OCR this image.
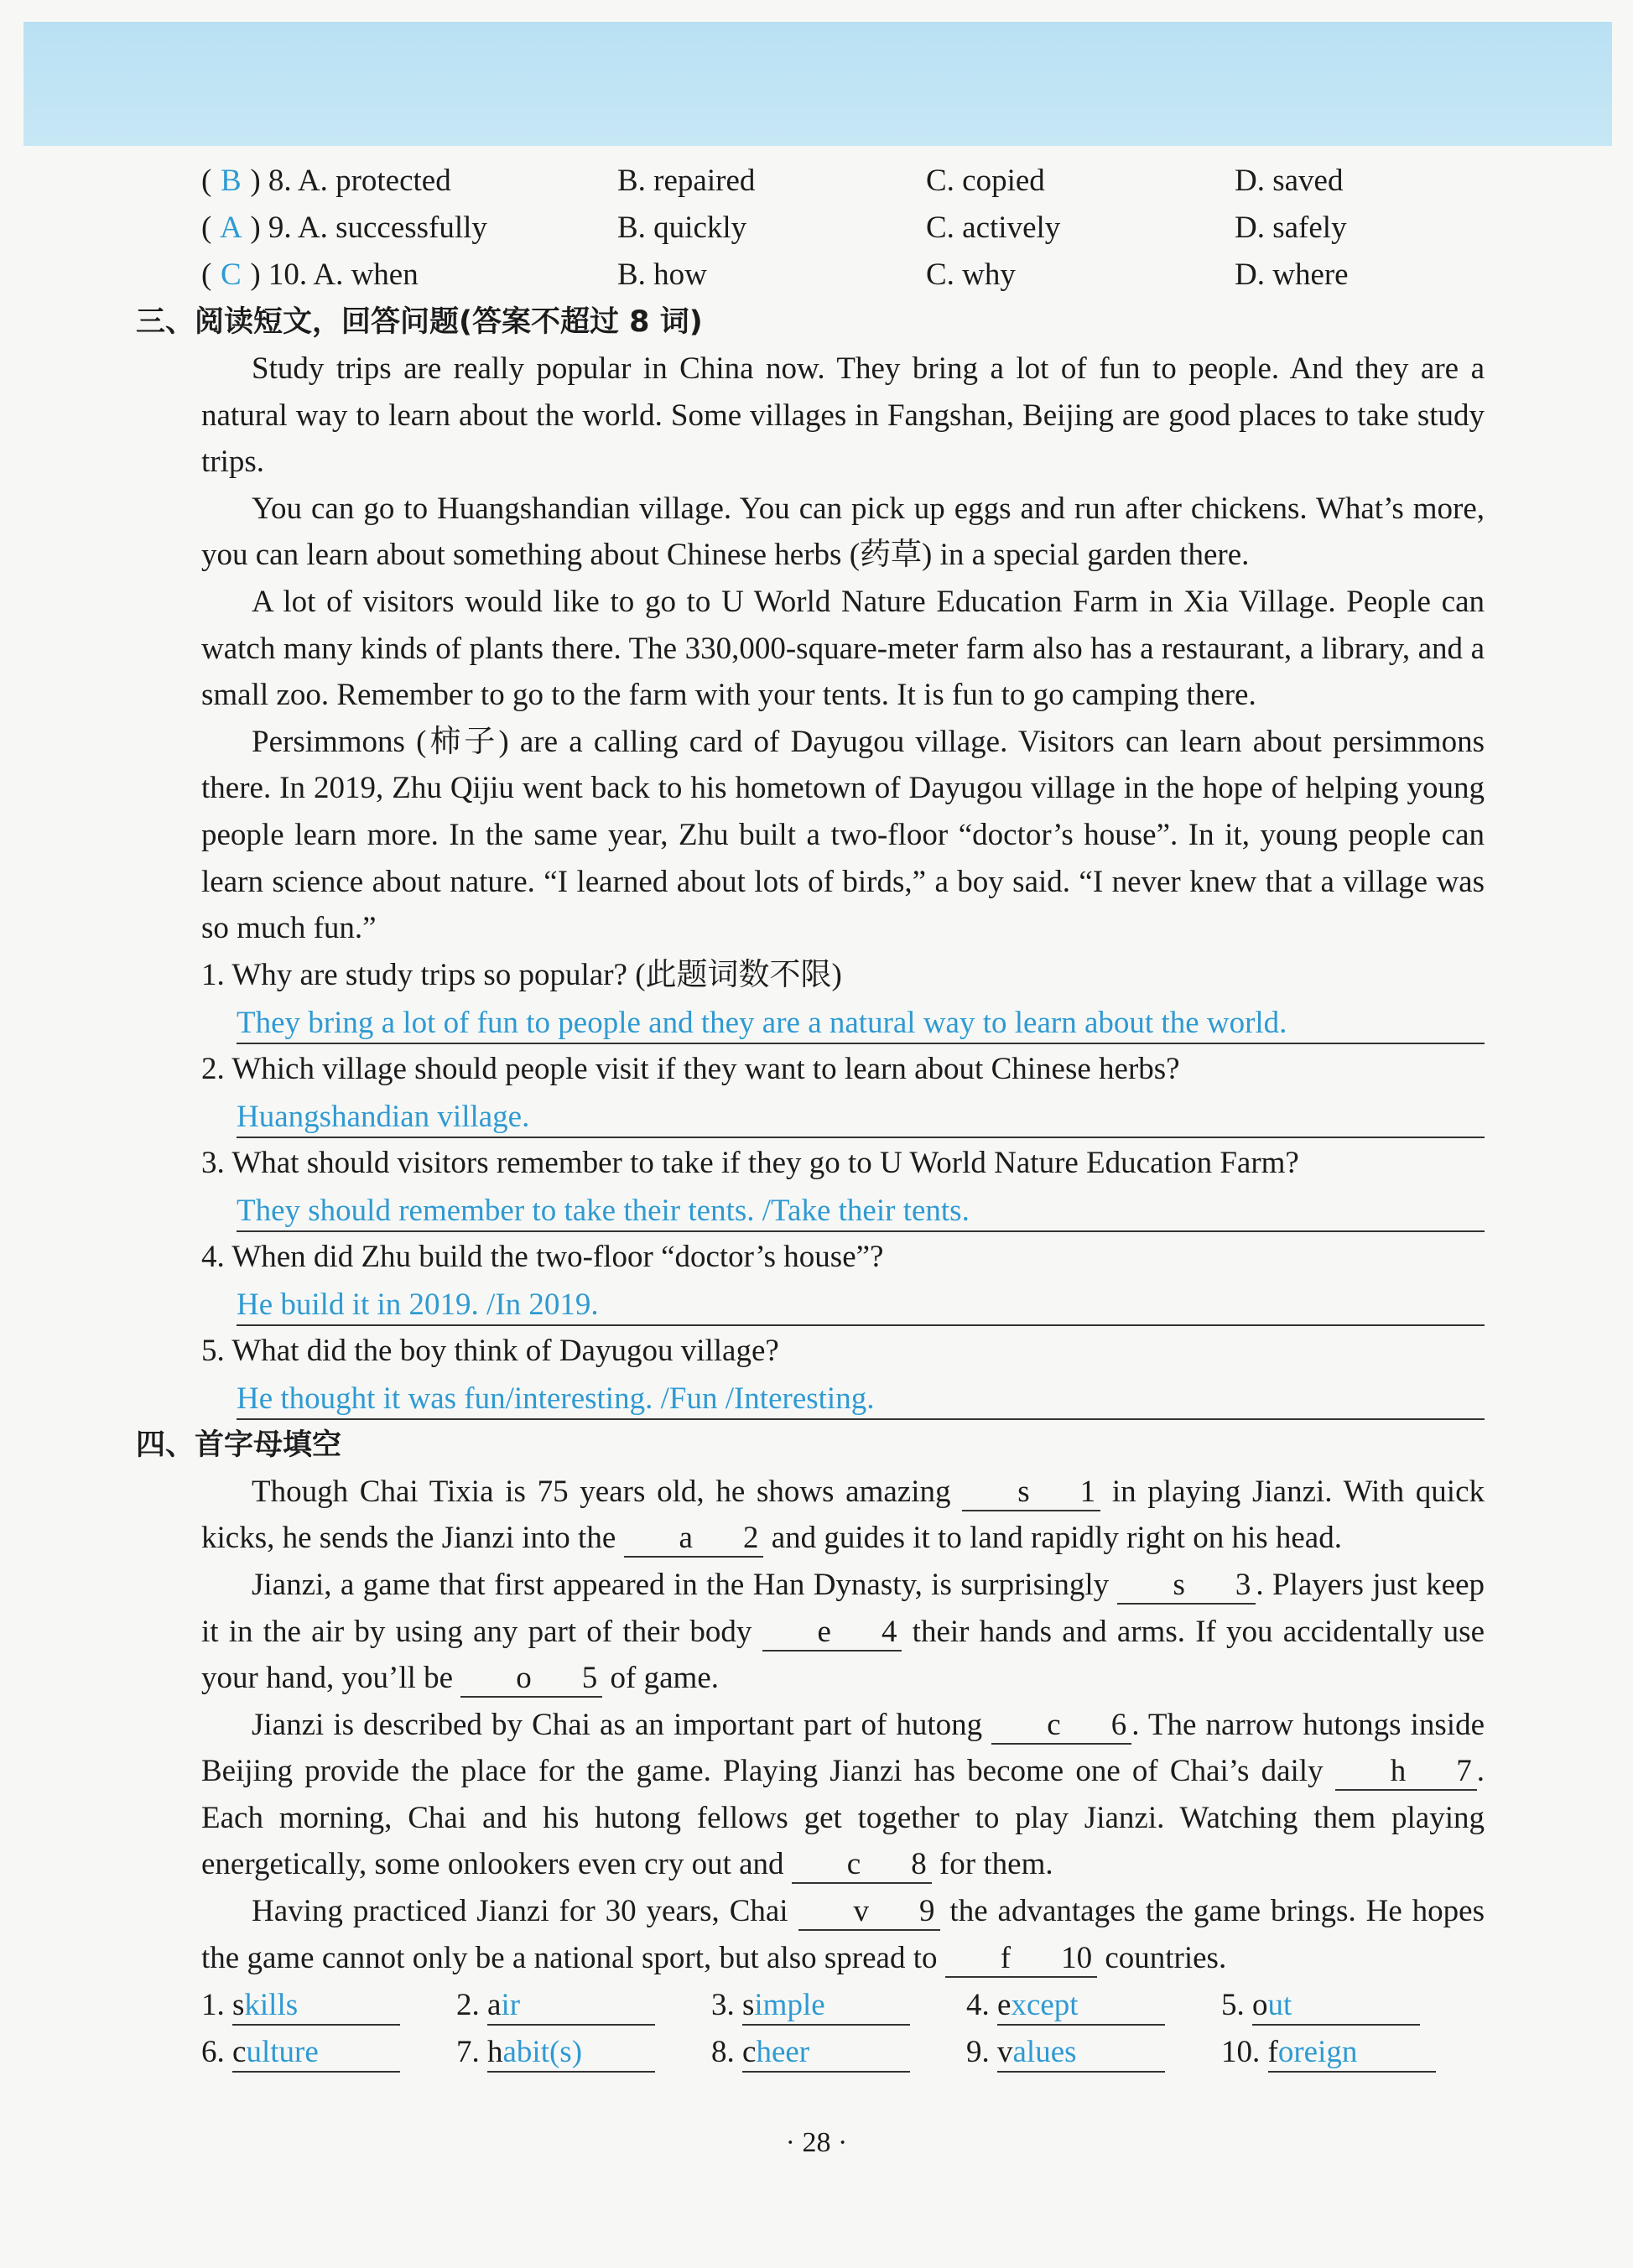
( B ) 8. A. protected	B. repaired	C. copied	D. saved
( A ) 9. A. successfully	B. quickly	C. actively	D. safely
( C ) 10. A. when	B. how	C. why	D. where
三、阅读短文，回答问题(答案不超过 8 词)

Study trips are really popular in China now. They bring a lot of fun to people. And they are a natural way to learn about the world. Some villages in Fangshan, Beijing are good places to take study trips.

You can go to Huangshandian village. You can pick up eggs and run after chickens. What’s more, you can learn about something about Chinese herbs (药草) in a special garden there.

A lot of visitors would like to go to U World Nature Education Farm in Xia Village. People can watch many kinds of plants there. The 330,000-square-meter farm also has a restaurant, a library, and a small zoo. Remember to go to the farm with your tents. It is fun to go camping there.

Persimmons (柿子) are a calling card of Dayugou village. Visitors can learn about persimmons there. In 2019, Zhu Qijiu went back to his hometown of Dayugou village in the hope of helping young people learn more. In the same year, Zhu built a two-floor “doctor’s house”. In it, young people can learn science about nature. “I learned about lots of birds,” a boy said. “I never knew that a village was so much fun.”

1. Why are study trips so popular? (此题词数不限)

They bring a lot of fun to people and they are a natural way to learn about the world.

2. Which village should people visit if they want to learn about Chinese herbs?

Huangshandian village.

3. What should visitors remember to take if they go to U World Nature Education Farm?

They should remember to take their tents. /Take their tents.

4. When did Zhu build the two-floor “doctor’s house”?

He build it in 2019. /In 2019.

5. What did the boy think of Dayugou village?

He thought it was fun/interesting. /Fun /Interesting.
四、首字母填空

Though Chai Tixia is 75 years old, he shows amazing s 1 in playing Jianzi. With quick kicks, he sends the Jianzi into the a 2 and guides it to land rapidly right on his head.

Jianzi, a game that first appeared in the Han Dynasty, is surprisingly s 3 . Players just keep it in the air by using any part of their body e 4 their hands and arms. If you accidentally use your hand, you’ll be o 5 of game.

Jianzi is described by Chai as an important part of hutong c 6 . The narrow hutongs inside Beijing provide the place for the game. Playing Jianzi has become one of Chai’s daily h 7 . Each morning, Chai and his hutong fellows get together to play Jianzi. Watching them playing energetically, some onlookers even cry out and c 8 for them.

Having practiced Jianzi for 30 years, Chai v 9 the advantages the game brings. He hopes the game cannot only be a national sport, but also spread to f 10 countries.

1. skills	2. air	3. simple	4. except	5. out
6. culture	7. habit(s)	8. cheer	9. values	10. foreign
· 28 ·
